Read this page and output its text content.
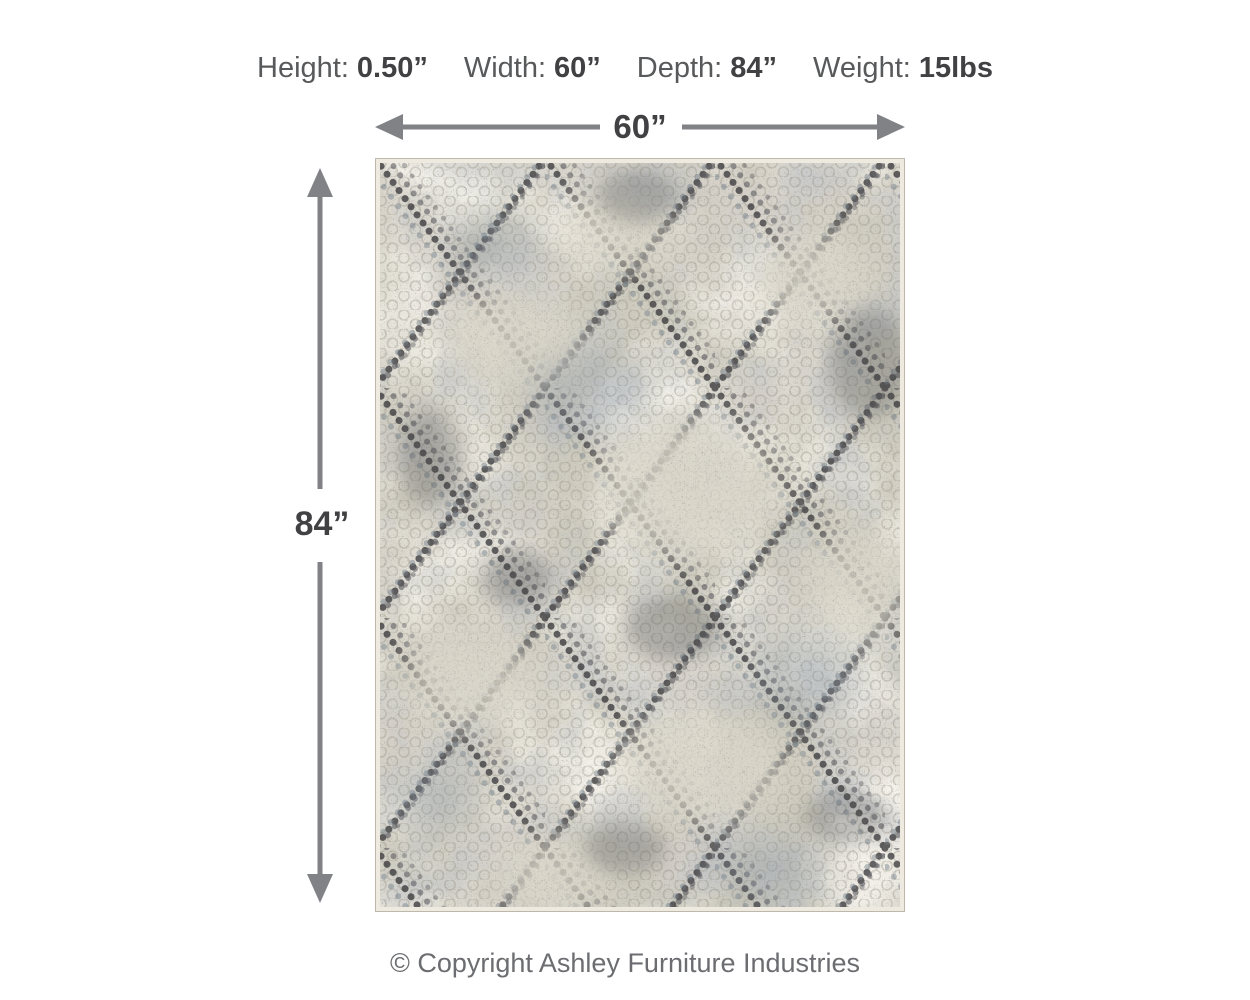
Height: 0.50” Width: 60” Depth: 84” Weight: 15lbs
60”
84”
© Copyright Ashley Furniture Industries
